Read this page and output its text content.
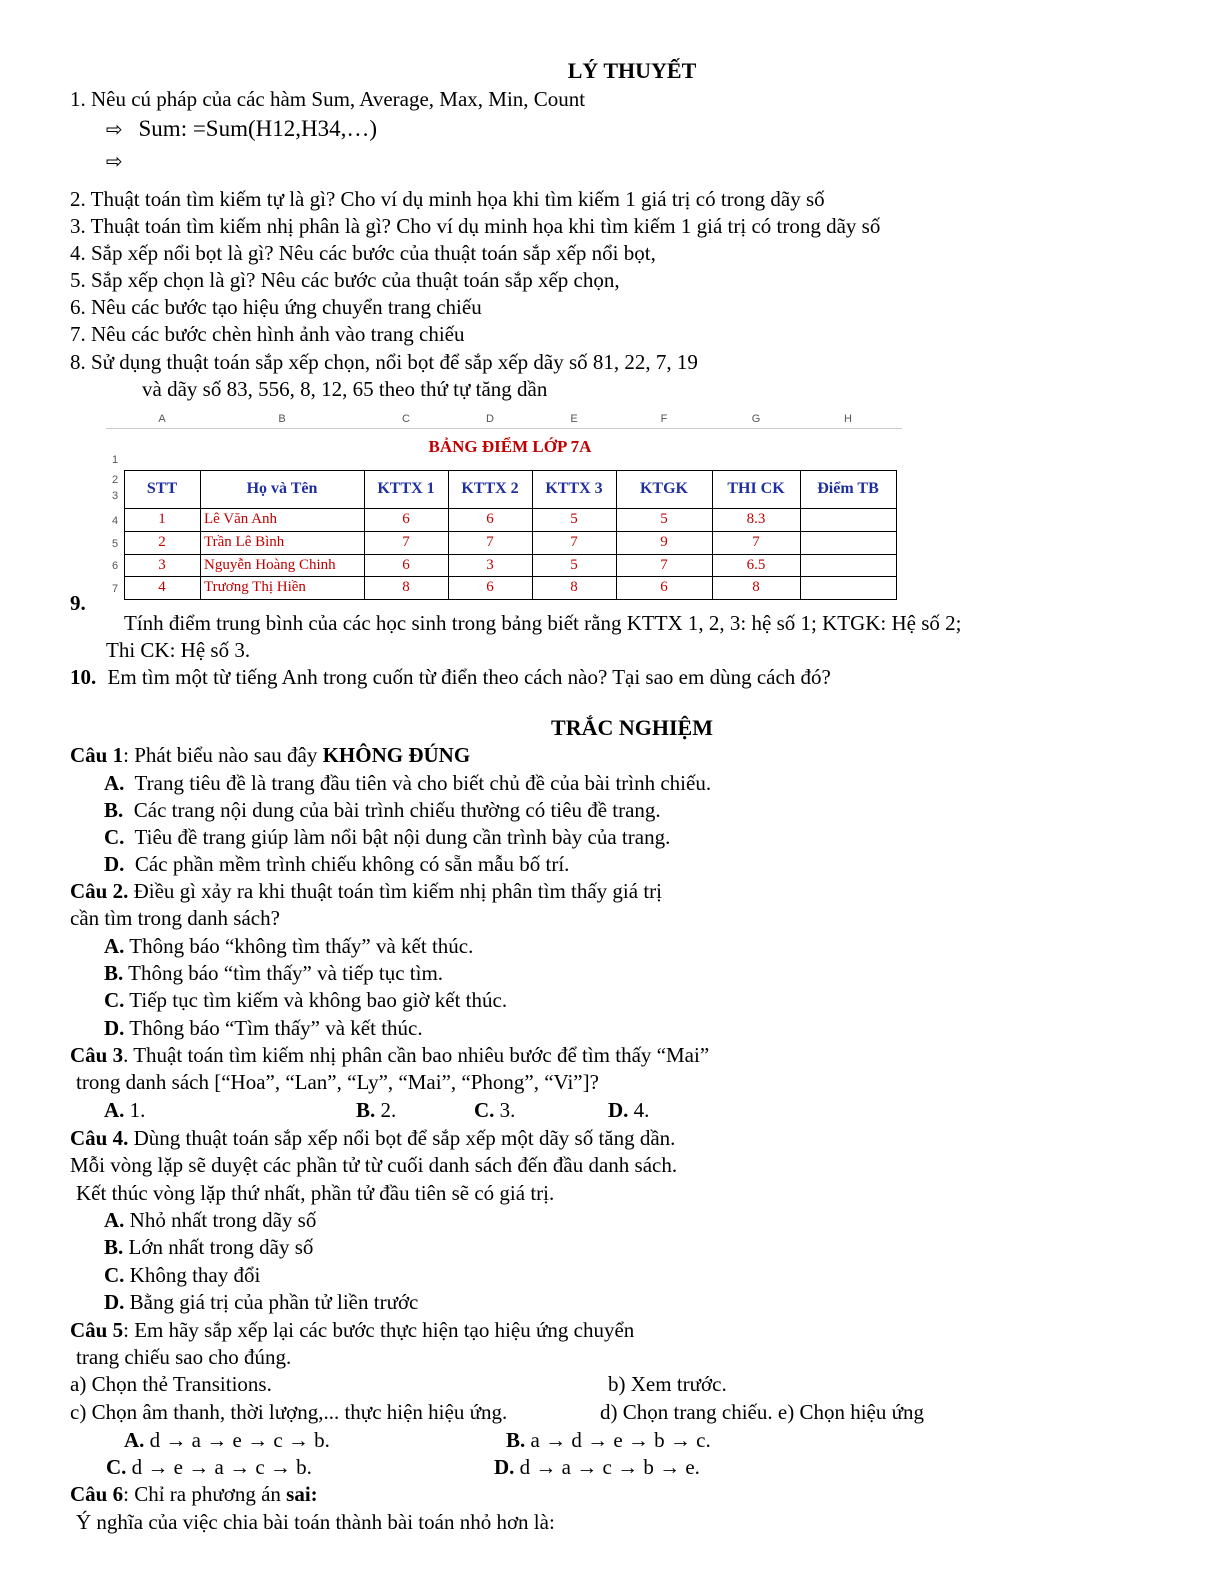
LÝ THUYẾT
1. Nêu cú pháp của các hàm Sum, Average, Max, Min, Count
⇨ Sum: =Sum(H12,H34,…)
⇨
2. Thuật toán tìm kiếm tự là gì? Cho ví dụ minh họa khi tìm kiếm 1 giá trị có trong dãy số
3. Thuật toán tìm kiếm nhị phân là gì? Cho ví dụ minh họa khi tìm kiếm 1 giá trị có trong dãy số
4. Sắp xếp nổi bọt là gì? Nêu các bước của thuật toán sắp xếp nổi bọt,
5. Sắp xếp chọn là gì? Nêu các bước của thuật toán sắp xếp chọn,
6. Nêu các bước tạo hiệu ứng chuyển trang chiếu
7. Nêu các bước chèn hình ảnh vào trang chiếu
8. Sử dụng thuật toán sắp xếp chọn, nổi bọt để sắp xếp dãy số 81, 22, 7, 19
và dãy số 83, 556, 8, 12, 65 theo thứ tự tăng dần
A	B	C	D	E	F	G	H
1
2
3
4
5
6
7
BẢNG ĐIỂM LỚP 7A
STT	Họ và Tên	KTTX 1	KTTX 2	KTTX 3	KTGK	THI CK	Điểm TB
1	Lê Văn Anh	6	6	5	5	8.3
2	Trần Lê Bình	7	7	7	9	7
3	Nguyễn Hoàng Chinh	6	3	5	7	6.5
4	Trương Thị Hiền	8	6	8	6	8
9.
Tính điểm trung bình của các học sinh trong bảng biết rằng KTTX 1, 2, 3: hệ số 1; KTGK: Hệ số 2;
Thi CK: Hệ số 3.
10. Em tìm một từ tiếng Anh trong cuốn từ điển theo cách nào? Tại sao em dùng cách đó?
TRẮC NGHIỆM
Câu 1: Phát biểu nào sau đây KHÔNG ĐÚNG
A. Trang tiêu đề là trang đầu tiên và cho biết chủ đề của bài trình chiếu.
B. Các trang nội dung của bài trình chiếu thường có tiêu đề trang.
C. Tiêu đề trang giúp làm nổi bật nội dung cần trình bày của trang.
D. Các phần mềm trình chiếu không có sẵn mẫu bố trí.
Câu 2. Điều gì xảy ra khi thuật toán tìm kiếm nhị phân tìm thấy giá trị
cần tìm trong danh sách?
A. Thông báo “không tìm thấy” và kết thúc.
B. Thông báo “tìm thấy” và tiếp tục tìm.
C. Tiếp tục tìm kiếm và không bao giờ kết thúc.
D. Thông báo “Tìm thấy” và kết thúc.
Câu 3. Thuật toán tìm kiếm nhị phân cần bao nhiêu bước để tìm thấy “Mai”
trong danh sách [“Hoa”, “Lan”, “Ly”, “Mai”, “Phong”, “Vi”]?
A. 1.	B. 2.	C. 3.	D. 4.
Câu 4. Dùng thuật toán sắp xếp nổi bọt để sắp xếp một dãy số tăng dần.
Mỗi vòng lặp sẽ duyệt các phần tử từ cuối danh sách đến đầu danh sách.
Kết thúc vòng lặp thứ nhất, phần tử đầu tiên sẽ có giá trị.
A. Nhỏ nhất trong dãy số
B. Lớn nhất trong dãy số
C. Không thay đổi
D. Bằng giá trị của phần tử liền trước
Câu 5: Em hãy sắp xếp lại các bước thực hiện tạo hiệu ứng chuyển
trang chiếu sao cho đúng.
a) Chọn thẻ Transitions.	b) Xem trước.
c) Chọn âm thanh, thời lượng,... thực hiện hiệu ứng.	d) Chọn trang chiếu. e) Chọn hiệu ứng
A. d → a → e → c → b.	B. a → d → e → b → c.
C. d → e → a → c → b.	D. d → a → c → b → e.
Câu 6: Chỉ ra phương án sai:
Ý nghĩa của việc chia bài toán thành bài toán nhỏ hơn là:
